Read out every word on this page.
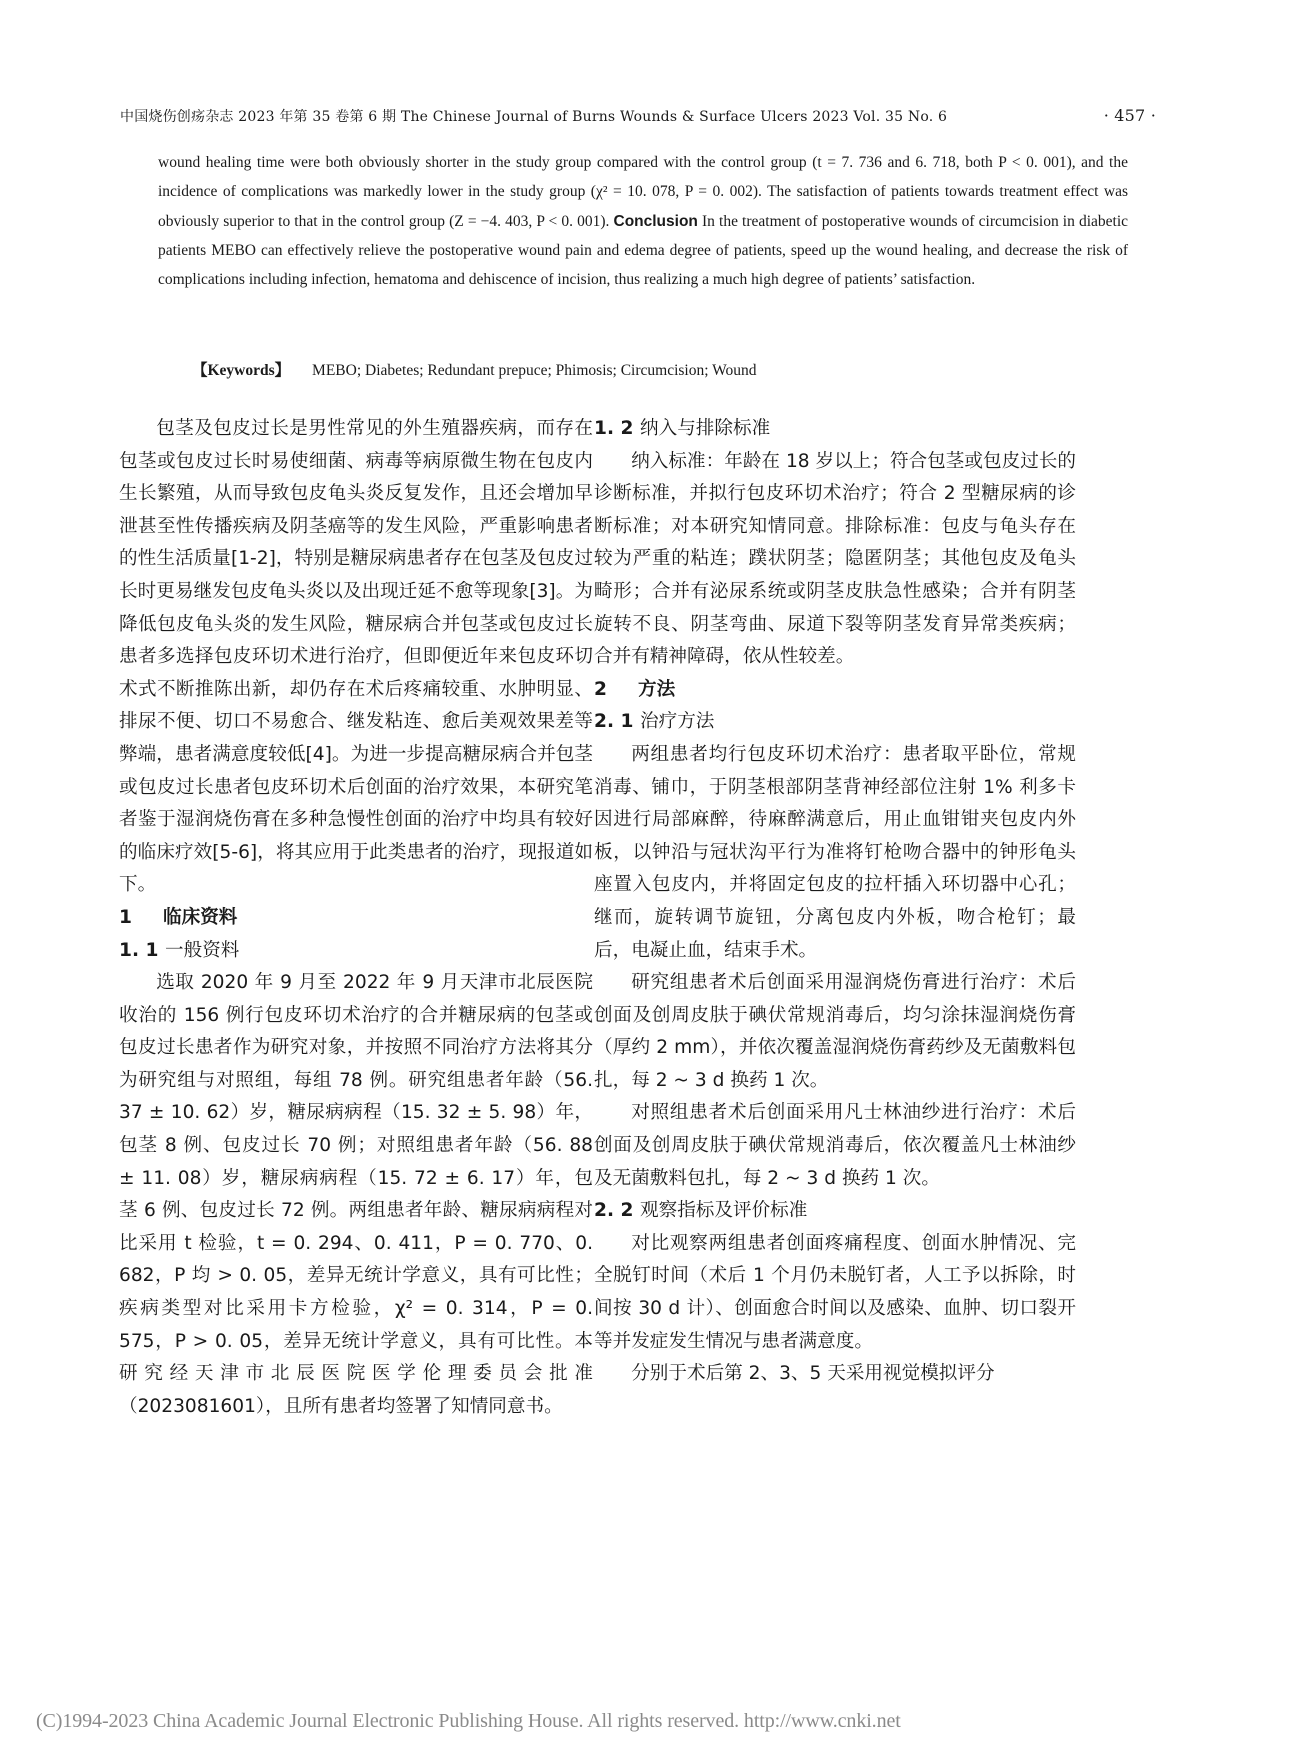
中国烧伤创疡杂志 2023 年第 35 卷第 6 期 The Chinese Journal of Burns Wounds & Surface Ulcers 2023 Vol. 35 No. 6	· 457 ·

wound healing time were both obviously shorter in the study group compared with the control group (t = 7. 736 and 6. 718, both P < 0. 001), and the incidence of complications was markedly lower in the study group (χ² = 10. 078, P = 0. 002). The satisfaction of patients towards treatment effect was obviously superior to that in the control group (Z = −4. 403, P < 0. 001). Conclusion In the treatment of postoperative wounds of circumcision in diabetic patients MEBO can effectively relieve the postoperative wound pain and edema degree of patients, speed up the wound healing, and decrease the risk of complications including infection, hematoma and dehiscence of incision, thus realizing a much high degree of patients’ satisfaction.

【Keywords】 MEBO; Diabetes; Redundant prepuce; Phimosis; Circumcision; Wound

包茎及包皮过长是男性常见的外生殖器疾病，而存在包茎或包皮过长时易使细菌、病毒等病原微生物在包皮内生长繁殖，从而导致包皮龟头炎反复发作，且还会增加早泄甚至性传播疾病及阴茎癌等的发生风险，严重影响患者的性生活质量[1-2]，特别是糖尿病患者存在包茎及包皮过长时更易继发包皮龟头炎以及出现迁延不愈等现象[3]。为降低包皮龟头炎的发生风险，糖尿病合并包茎或包皮过长患者多选择包皮环切术进行治疗，但即便近年来包皮环切术式不断推陈出新，却仍存在术后疼痛较重、水肿明显、排尿不便、切口不易愈合、继发粘连、愈后美观效果差等弊端，患者满意度较低[4]。为进一步提高糖尿病合并包茎或包皮过长患者包皮环切术后创面的治疗效果，本研究笔者鉴于湿润烧伤膏在多种急慢性创面的治疗中均具有较好的临床疗效[5-6]，将其应用于此类患者的治疗，现报道如下。

1 临床资料
1. 1 一般资料

选取 2020 年 9 月至 2022 年 9 月天津市北辰医院收治的 156 例行包皮环切术治疗的合并糖尿病的包茎或包皮过长患者作为研究对象，并按照不同治疗方法将其分为研究组与对照组，每组 78 例。研究组患者年龄（56. 37 ± 10. 62）岁，糖尿病病程（15. 32 ± 5. 98）年，包茎 8 例、包皮过长 70 例；对照组患者年龄（56. 88 ± 11. 08）岁，糖尿病病程（15. 72 ± 6. 17）年，包茎 6 例、包皮过长 72 例。两组患者年龄、糖尿病病程对比采用 t 检验，t = 0. 294、0. 411，P = 0. 770、0. 682，P 均 > 0. 05，差异无统计学意义，具有可比性；疾病类型对比采用卡方检验，χ² = 0. 314，P = 0. 575，P > 0. 05，差异无统计学意义，具有可比性。本研究经天津市北辰医院医学伦理委员会批准（2023081601），且所有患者均签署了知情同意书。

1. 2 纳入与排除标准

纳入标准：年龄在 18 岁以上；符合包茎或包皮过长的诊断标准，并拟行包皮环切术治疗；符合 2 型糖尿病的诊断标准；对本研究知情同意。排除标准：包皮与龟头存在较为严重的粘连；蹼状阴茎；隐匿阴茎；其他包皮及龟头畸形；合并有泌尿系统或阴茎皮肤急性感染；合并有阴茎旋转不良、阴茎弯曲、尿道下裂等阴茎发育异常类疾病；合并有精神障碍，依从性较差。

2 方法
2. 1 治疗方法

两组患者均行包皮环切术治疗：患者取平卧位，常规消毒、铺巾，于阴茎根部阴茎背神经部位注射 1% 利多卡因进行局部麻醉，待麻醉满意后，用止血钳钳夹包皮内外板，以钟沿与冠状沟平行为准将钉枪吻合器中的钟形龟头座置入包皮内，并将固定包皮的拉杆插入环切器中心孔；继而，旋转调节旋钮，分离包皮内外板，吻合枪钉；最后，电凝止血，结束手术。

研究组患者术后创面采用湿润烧伤膏进行治疗：术后创面及创周皮肤于碘伏常规消毒后，均匀涂抹湿润烧伤膏（厚约 2 mm），并依次覆盖湿润烧伤膏药纱及无菌敷料包扎，每 2 ~ 3 d 换药 1 次。

对照组患者术后创面采用凡士林油纱进行治疗：术后创面及创周皮肤于碘伏常规消毒后，依次覆盖凡士林油纱及无菌敷料包扎，每 2 ~ 3 d 换药 1 次。

2. 2 观察指标及评价标准

对比观察两组患者创面疼痛程度、创面水肿情况、完全脱钉时间（术后 1 个月仍未脱钉者，人工予以拆除，时间按 30 d 计）、创面愈合时间以及感染、血肿、切口裂开等并发症发生情况与患者满意度。

分别于术后第 2、3、5 天采用视觉模拟评分

(C)1994-2023 China Academic Journal Electronic Publishing House. All rights reserved. http://www.cnki.net
